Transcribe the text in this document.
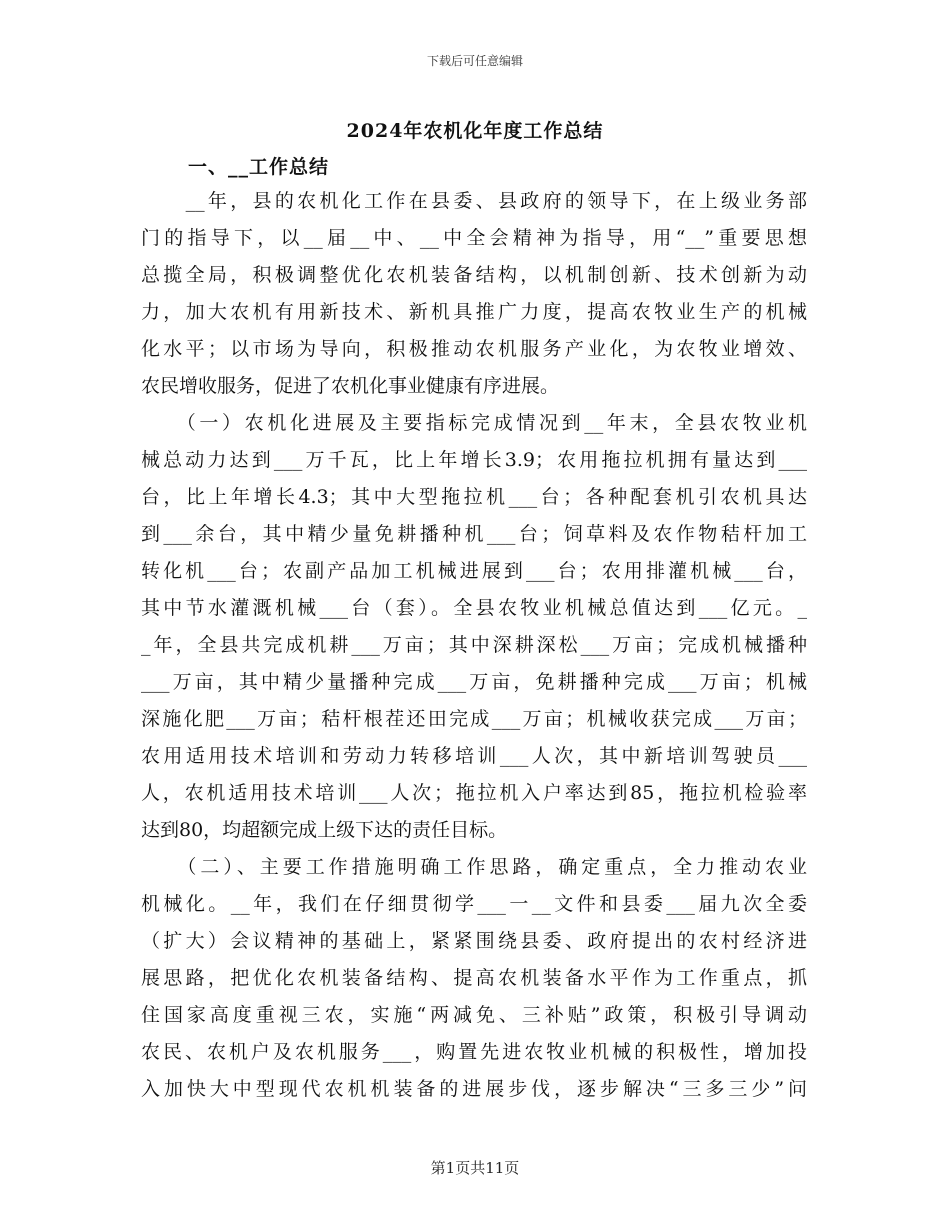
下载后可任意编辑
2024年农机化年度工作总结
一、__工作总结
　　__年，县的农机化工作在县委、县政府的领导下，在上级业务部
门的指导下，以__届__中、__中全会精神为指导，用“__”重要思想
总揽全局，积极调整优化农机装备结构，以机制创新、技术创新为动
力，加大农机有用新技术、新机具推广力度，提高农牧业生产的机械
化水平；以市场为导向，积极推动农机服务产业化，为农牧业增效、
农民增收服务，促进了农机化事业健康有序进展。
　　（一）农机化进展及主要指标完成情况到__年末，全县农牧业机
械总动力达到___万千瓦，比上年增长3.9；农用拖拉机拥有量达到___
台，比上年增长4.3；其中大型拖拉机___台；各种配套机引农机具达
到___余台，其中精少量免耕播种机___台；饲草料及农作物秸杆加工
转化机___台；农副产品加工机械进展到___台；农用排灌机械___台，
其中节水灌溉机械___台（套）。全县农牧业机械总值达到___亿元。_
_年，全县共完成机耕___万亩；其中深耕深松___万亩；完成机械播种
___万亩，其中精少量播种完成___万亩，免耕播种完成___万亩；机械
深施化肥___万亩；秸杆根茬还田完成___万亩；机械收获完成___万亩；
农用适用技术培训和劳动力转移培训___人次，其中新培训驾驶员___
人，农机适用技术培训___人次；拖拉机入户率达到85，拖拉机检验率
达到80，均超额完成上级下达的责任目标。
　　（二）、主要工作措施明确工作思路，确定重点，全力推动农业
机械化。__年，我们在仔细贯彻学___一__文件和县委___届九次全委
（扩大）会议精神的基础上，紧紧围绕县委、政府提出的农村经济进
展思路，把优化农机装备结构、提高农机装备水平作为工作重点，抓
住国家高度重视三农，实施“两减免、三补贴”政策，积极引导调动
农民、农机户及农机服务___，购置先进农牧业机械的积极性，增加投
入加快大中型现代农机机装备的进展步伐，逐步解决“三多三少”问
第1页共11页
